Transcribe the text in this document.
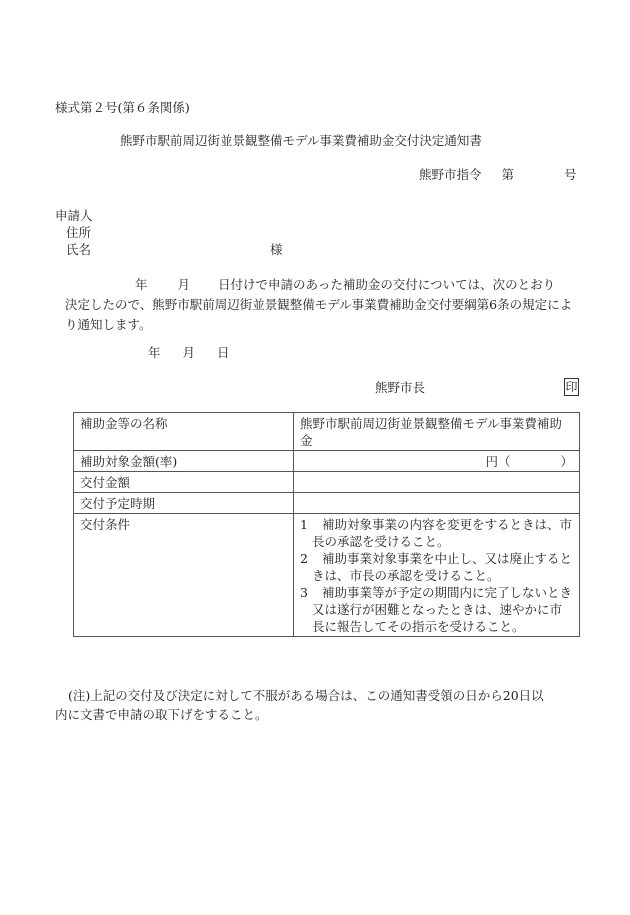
様式第２号(第６条関係)
熊野市駅前周辺街並景観整備モデル事業費補助金交付決定通知書
熊野市指令 第	号
申請人
住所
氏名	様
年 月 日付けで申請のあった補助金の交付については、次のとおり
決定したので、熊野市駅前周辺街並景観整備モデル事業費補助金交付要綱第6条の規定により通知します。
年 月 日
熊野市長	印
補助金等の名称	熊野市駅前周辺街並景観整備モデル事業費補助金
補助対象金額(率)	円（　　　　）

交付金額	
交付予定時期	
交付条件	1 補助対象事業の内容を変更をするときは、市長の承認を受けること。
2 補助事業対象事業を中止し、又は廃止するときは、市長の承認を受けること。
3 補助事業等が予定の期間内に完了しないとき又は遂行が困難となったときは、速やかに市長に報告してその指示を受けること。
(注)上記の交付及び決定に対して不服がある場合は、この通知書受領の日から20日以
内に文書で申請の取下げをすること。
